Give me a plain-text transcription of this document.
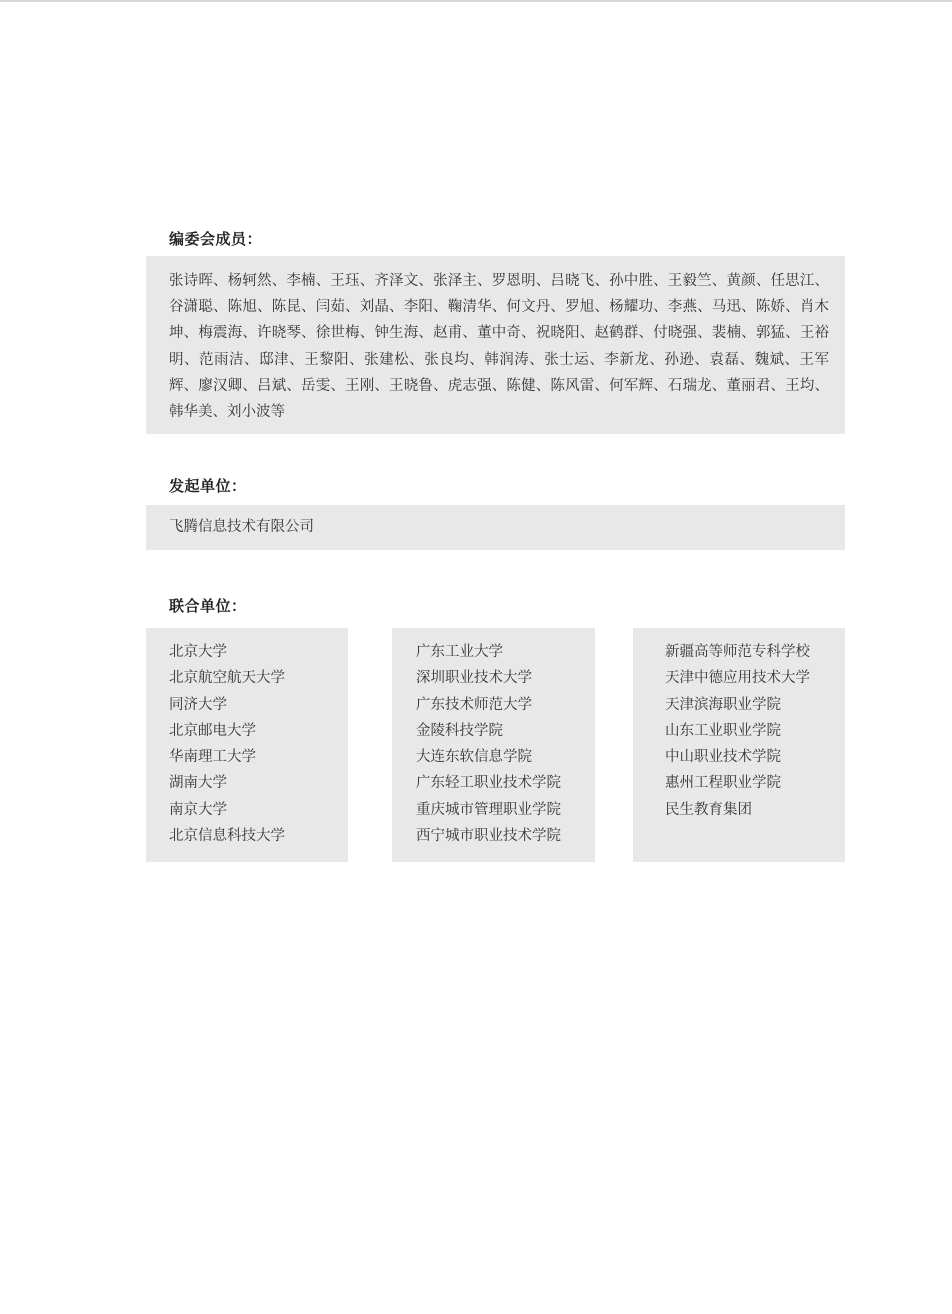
编委会成员：
张诗晖、杨轲然、李楠、王珏、齐泽文、张泽主、罗恩明、吕晓飞、孙中胜、王毅竺、黄颜、任思江、谷潇聪、陈旭、陈昆、闫茹、刘晶、李阳、鞠清华、何文丹、罗旭、杨耀功、李燕、马迅、陈娇、肖木坤、梅震海、许晓琴、徐世梅、钟生海、赵甫、董中奇、祝晓阳、赵鹤群、付晓强、裴楠、郭猛、王裕明、范雨洁、邸津、王黎阳、张建松、张良均、韩润涛、张士运、李新龙、孙逊、袁磊、魏斌、王军辉、廖汉卿、吕斌、岳雯、王刚、王晓鲁、虎志强、陈健、陈风雷、何军辉、石瑞龙、董丽君、王均、韩华美、刘小波等
发起单位：
飞腾信息技术有限公司
联合单位：
北京大学
北京航空航天大学
同济大学
北京邮电大学
华南理工大学
湖南大学
南京大学
北京信息科技大学
广东工业大学
深圳职业技术大学
广东技术师范大学
金陵科技学院
大连东软信息学院
广东轻工职业技术学院
重庆城市管理职业学院
西宁城市职业技术学院
新疆高等师范专科学校
天津中德应用技术大学
天津滨海职业学院
山东工业职业学院
中山职业技术学院
惠州工程职业学院
民生教育集团
